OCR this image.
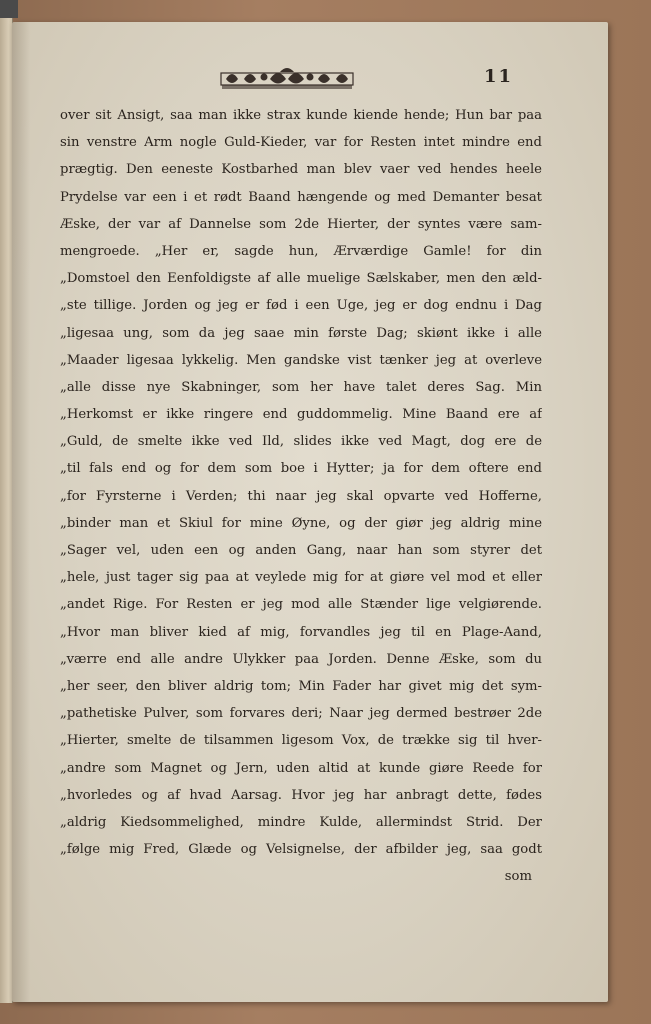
11
over sit Ansigt, saa man ikke strax kunde kiende hende; Hun bar paa
sin venstre Arm nogle Guld-Kieder, var for Resten intet mindre end
prægtig. Den eeneste Kostbarhed man blev vaer ved hendes heele
Prydelse var een i et rødt Baand hængende og med Demanter besat
Æske, der var af Dannelse som 2de Hierter, der syntes være sam-
mengroede. „Her er, sagde hun, Ærværdige Gamle! for din
„Domstoel den Eenfoldigste af alle muelige Sælskaber, men den æld-
„ste tillige. Jorden og jeg er fød i een Uge, jeg er dog endnu i Dag
„ligesaa ung, som da jeg saae min første Dag; skiønt ikke i alle
„Maader ligesaa lykkelig. Men gandske vist tænker jeg at overleve
„alle disse nye Skabninger, som her have talet deres Sag. Min
„Herkomst er ikke ringere end guddommelig. Mine Baand ere af
„Guld, de smelte ikke ved Ild, slides ikke ved Magt, dog ere de
„til fals end og for dem som boe i Hytter; ja for dem oftere end
„for Fyrsterne i Verden; thi naar jeg skal opvarte ved Hofferne,
„binder man et Skiul for mine Øyne, og der giør jeg aldrig mine
„Sager vel, uden een og anden Gang, naar han som styrer det
„hele, just tager sig paa at veylede mig for at giøre vel mod et eller
„andet Rige. For Resten er jeg mod alle Stænder lige velgiørende.
„Hvor man bliver kied af mig, forvandles jeg til en Plage-Aand,
„værre end alle andre Ulykker paa Jorden. Denne Æske, som du
„her seer, den bliver aldrig tom; Min Fader har givet mig det sym-
„pathetiske Pulver, som forvares deri; Naar jeg dermed bestrøer 2de
„Hierter, smelte de tilsammen ligesom Vox, de trække sig til hver-
„andre som Magnet og Jern, uden altid at kunde giøre Reede for
„hvorledes og af hvad Aarsag. Hvor jeg har anbragt dette, fødes
„aldrig Kiedsommelighed, mindre Kulde, allermindst Strid. Der
„følge mig Fred, Glæde og Velsignelse, der afbilder jeg, saa godt
som
